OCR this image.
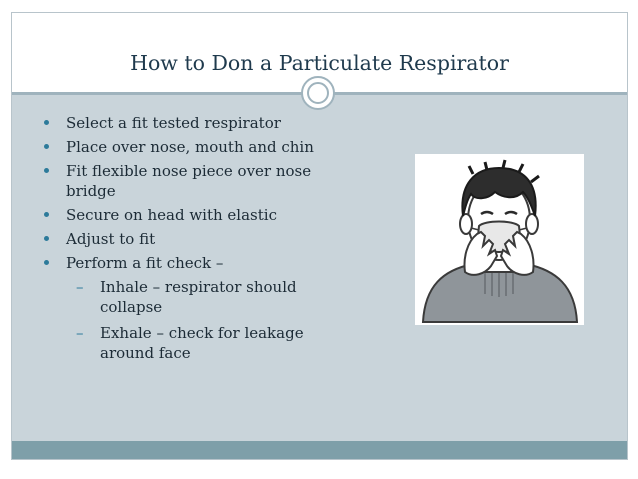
How to Don a Particulate Respirator
Select a fit tested respirator
Place over nose, mouth and chin
Fit flexible nose piece over nose bridge
Secure on head with elastic
Adjust to fit
Perform a fit check –
– Inhale – respirator should collapse
– Exhale – check for leakage around face
